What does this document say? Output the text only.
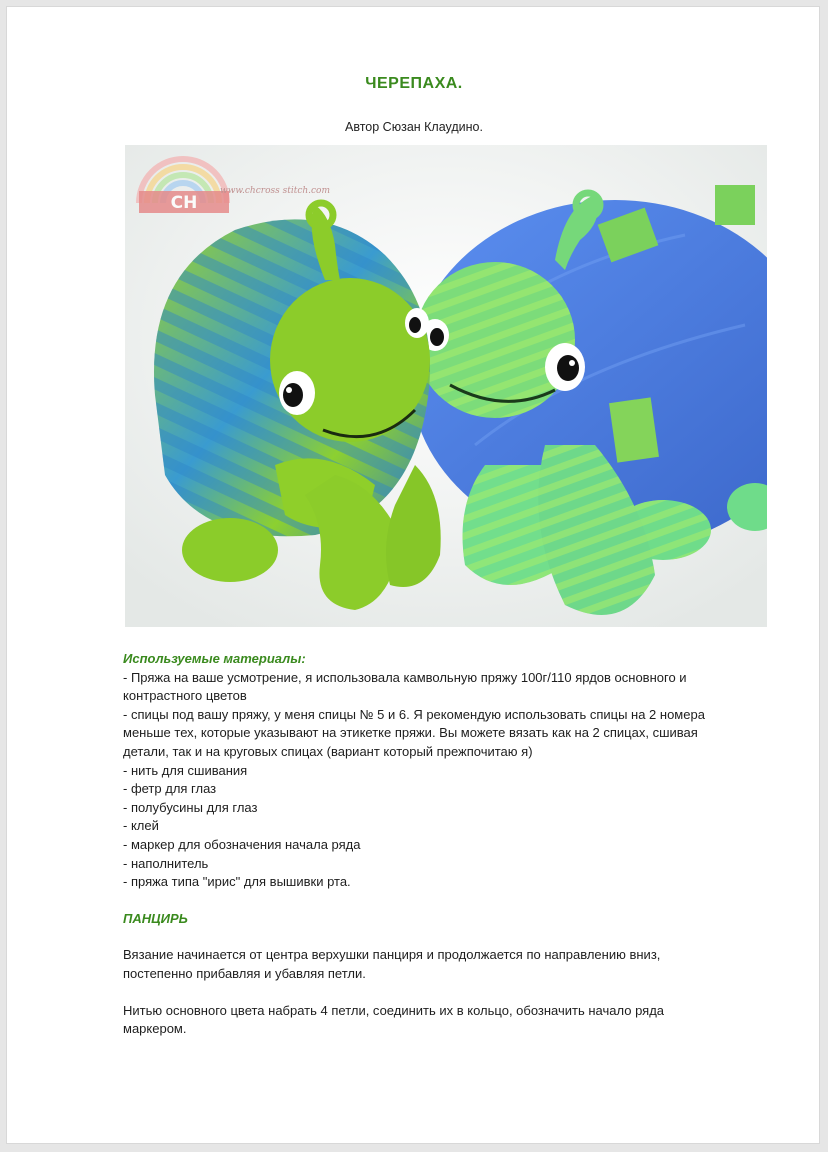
ЧЕРЕПАХА.
Автор Сюзан Клаудино.
CH
www.chcross stitch.com
Используемые материалы:
- Пряжа на ваше усмотрение, я использовала камвольную пряжу 100г/110 ярдов основного и
контрастного цветов
- спицы под вашу пряжу, у меня спицы № 5 и 6. Я рекомендую использовать спицы на 2 номера
меньше тех, которые указывают на этикетке пряжи. Вы можете вязать как на 2 спицах, сшивая
детали, так и на круговых спицах (вариант который прежпочитаю я)
- нить для сшивания
- фетр для глаз
- полубусины для глаз
- клей
- маркер для обозначения начала ряда
- наполнитель
- пряжа типа "ирис" для вышивки рта.
ПАНЦИРЬ
Вязание начинается от центра верхушки панциря и продолжается по направлению вниз,
постепенно прибавляя и убавляя петли.
Нитью основного цвета набрать 4 петли, соединить их в кольцо, обозначить начало ряда
маркером.
